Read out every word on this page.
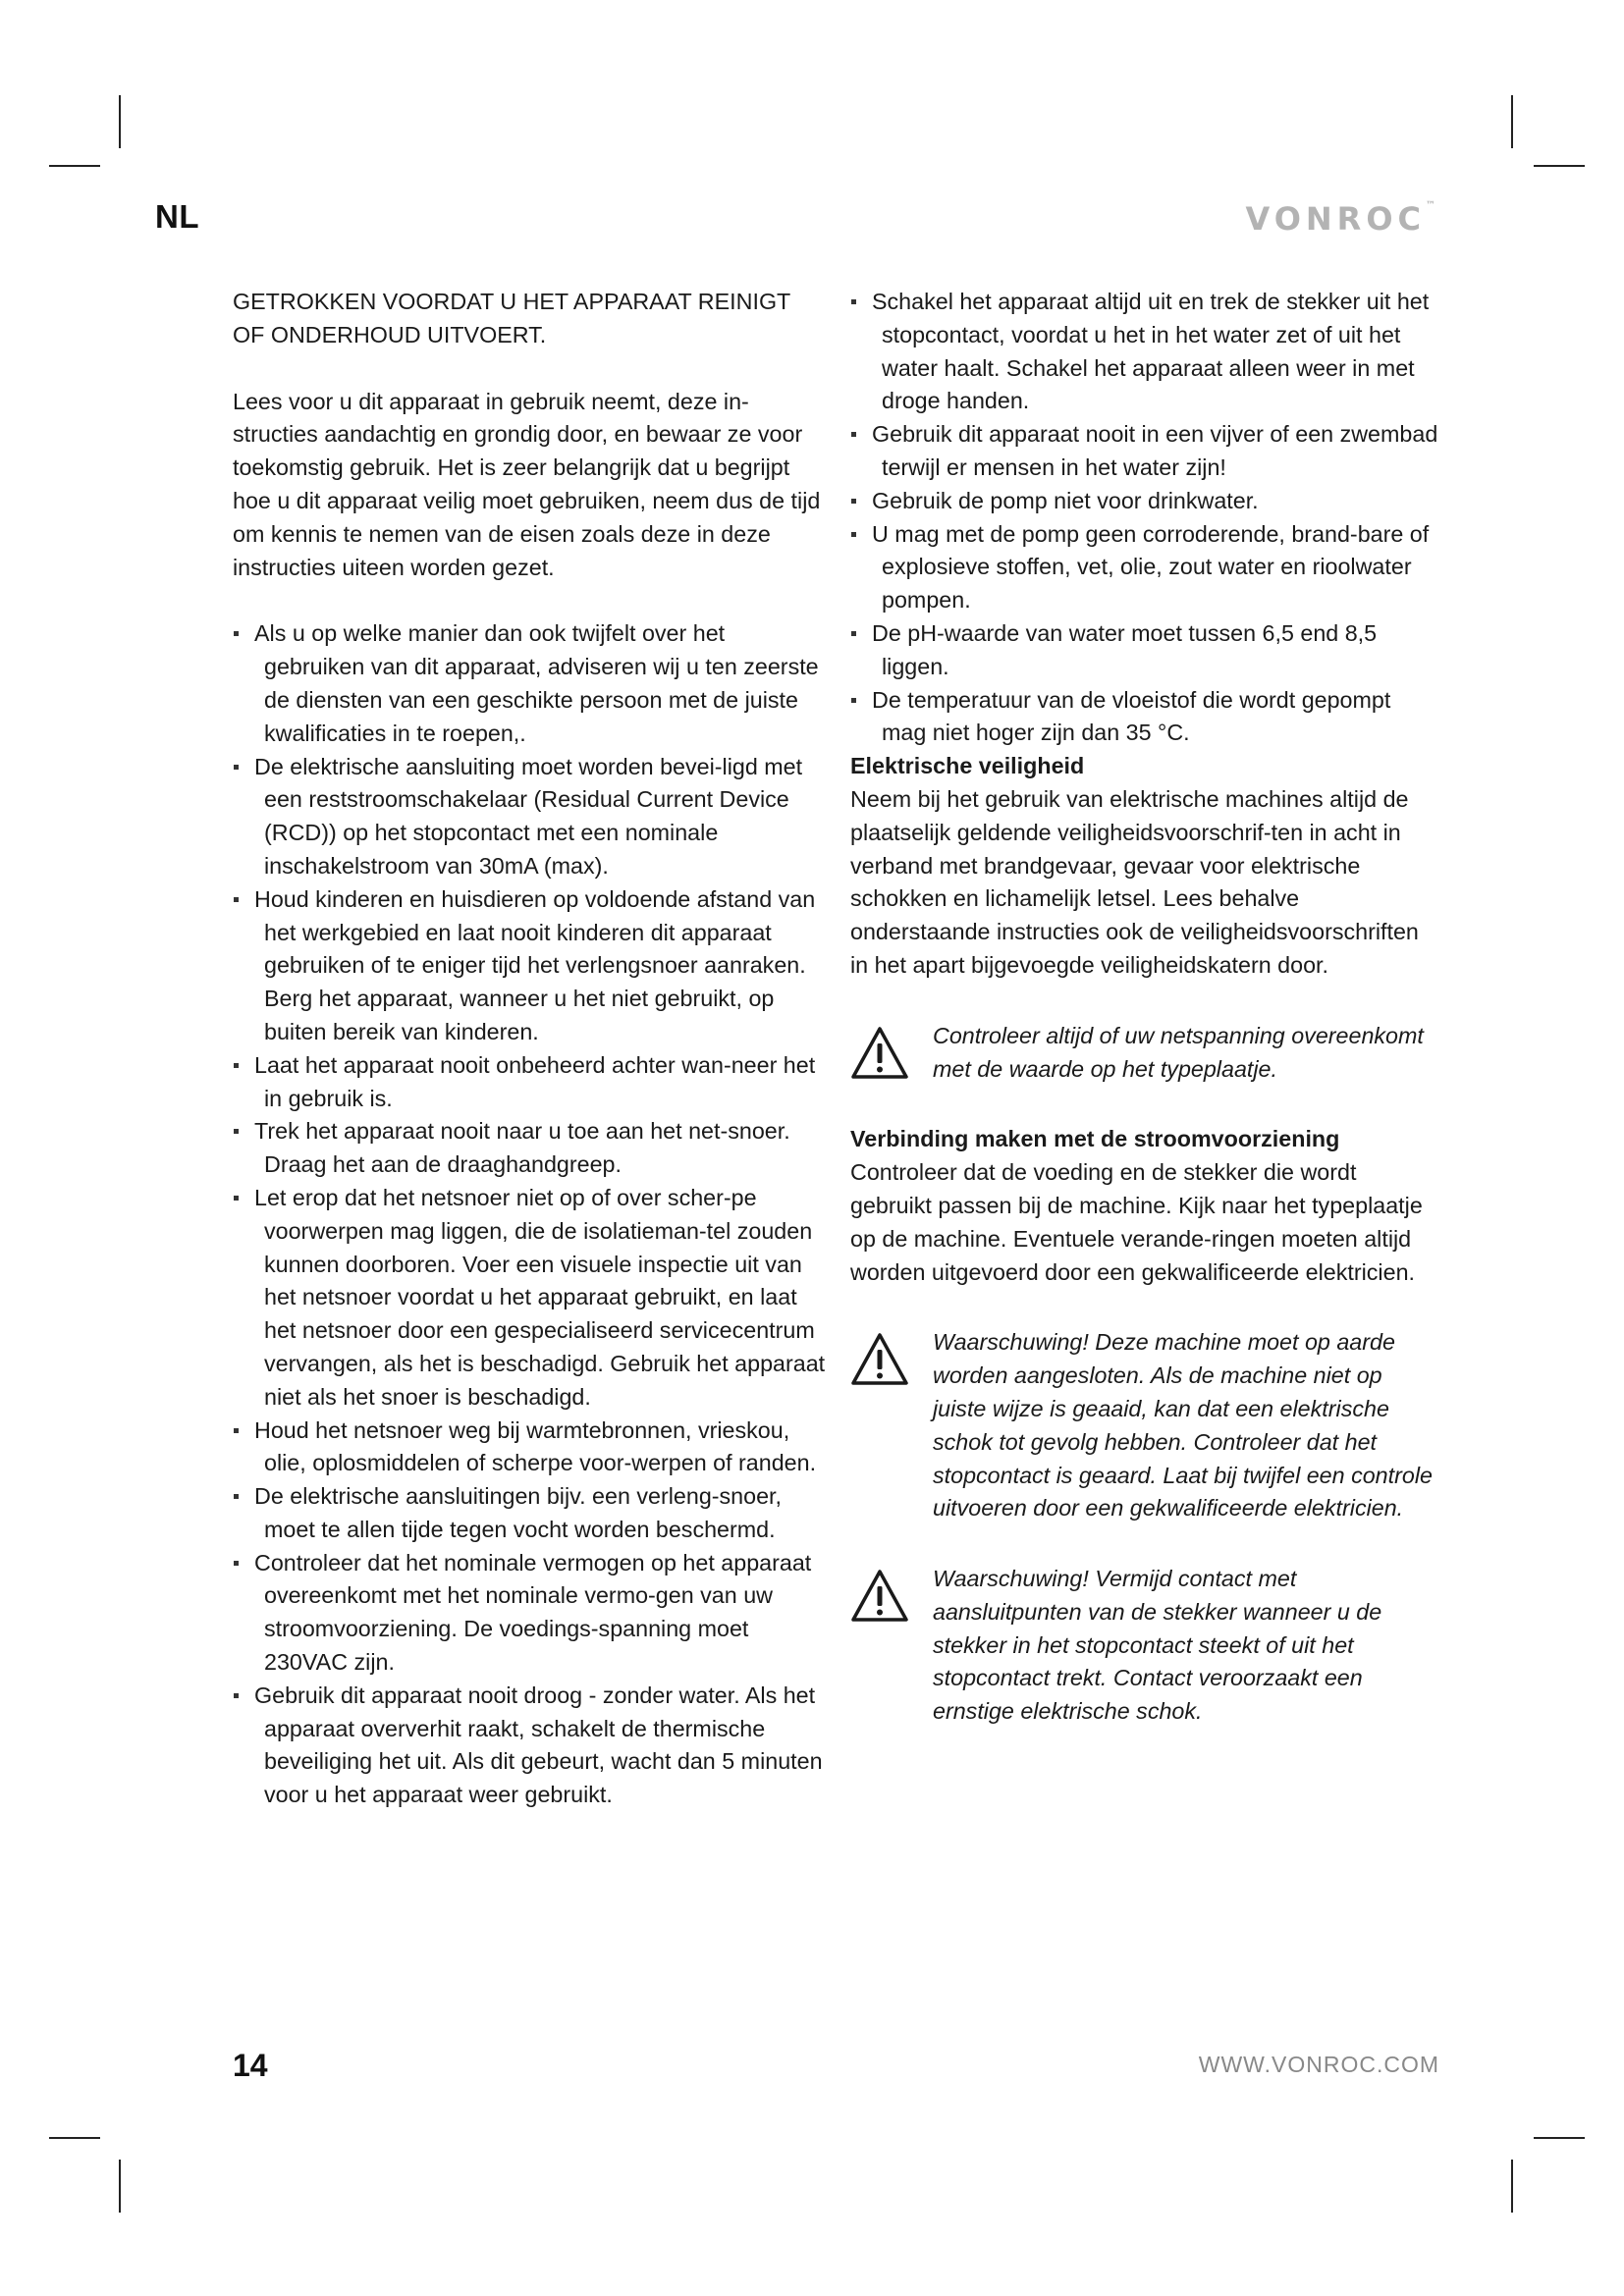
NL	VONROC™

GETROKKEN VOORDAT U HET APPARAAT REINIGT OF ONDERHOUD UITVOERT.

Lees voor u dit apparaat in gebruik neemt, deze in-structies aandachtig en grondig door, en bewaar ze voor toekomstig gebruik. Het is zeer belangrijk dat u begrijpt hoe u dit apparaat veilig moet gebruiken, neem dus de tijd om kennis te nemen van de eisen zoals deze in deze instructies uiteen worden gezet.

Als u op welke manier dan ook twijfelt over het gebruiken van dit apparaat, adviseren wij u ten zeerste de diensten van een geschikte persoon met de juiste kwalificaties in te roepen,.
De elektrische aansluiting moet worden bevei-ligd met een reststroomschakelaar (Residual Current Device (RCD)) op het stopcontact met een nominale inschakelstroom van 30mA (max).
Houd kinderen en huisdieren op voldoende afstand van het werkgebied en laat nooit kinderen dit apparaat gebruiken of te eniger tijd het verlengsnoer aanraken. Berg het apparaat, wanneer u het niet gebruikt, op buiten bereik van kinderen.
Laat het apparaat nooit onbeheerd achter wan-neer het in gebruik is.
Trek het apparaat nooit naar u toe aan het net-snoer. Draag het aan de draaghandgreep.
Let erop dat het netsnoer niet op of over scher-pe voorwerpen mag liggen, die de isolatieman-tel zouden kunnen doorboren. Voer een visuele inspectie uit van het netsnoer voordat u het apparaat gebruikt, en laat het netsnoer door een gespecialiseerd servicecentrum vervangen, als het is beschadigd. Gebruik het apparaat niet als het snoer is beschadigd.
Houd het netsnoer weg bij warmtebronnen, vrieskou, olie, oplosmiddelen of scherpe voor-werpen of randen.
De elektrische aansluitingen bijv. een verleng-snoer, moet te allen tijde tegen vocht worden beschermd.
Controleer dat het nominale vermogen op het apparaat overeenkomt met het nominale vermo-gen van uw stroomvoorziening. De voedings-spanning moet 230VAC zijn.
Gebruik dit apparaat nooit droog - zonder water. Als het apparaat oververhit raakt, schakelt de thermische beveiliging het uit. Als dit gebeurt, wacht dan 5 minuten voor u het apparaat weer gebruikt.
Schakel het apparaat altijd uit en trek de stekker uit het stopcontact, voordat u het in het water zet of uit het water haalt. Schakel het apparaat alleen weer in met droge handen.
Gebruik dit apparaat nooit in een vijver of een zwembad terwijl er mensen in het water zijn!
Gebruik de pomp niet voor drinkwater.
U mag met de pomp geen corroderende, brand-bare of explosieve stoffen, vet, olie, zout water en rioolwater pompen.
De pH-waarde van water moet tussen 6,5 end 8,5 liggen.
De temperatuur van de vloeistof die wordt gepompt mag niet hoger zijn dan 35 °C.

Elektrische veiligheid

Neem bij het gebruik van elektrische machines altijd de plaatselijk geldende veiligheidsvoorschrif-ten in acht in verband met brandgevaar, gevaar voor elektrische schokken en lichamelijk letsel. Lees behalve onderstaande instructies ook de veiligheidsvoorschriften in het apart bijgevoegde veiligheidskatern door.

Controleer altijd of uw netspanning overeenkomt met de waarde op het typeplaatje.

Verbinding maken met de stroomvoorziening

Controleer dat de voeding en de stekker die wordt gebruikt passen bij de machine. Kijk naar het typeplaatje op de machine. Eventuele verande-ringen moeten altijd worden uitgevoerd door een gekwalificeerde elektricien.

Waarschuwing! Deze machine moet op aarde worden aangesloten. Als de machine niet op juiste wijze is geaaid, kan dat een elektrische schok tot gevolg hebben. Controleer dat het stopcontact is geaard. Laat bij twijfel een controle uitvoeren door een gekwalificeerde elektricien.
Waarschuwing! Vermijd contact met aansluitpunten van de stekker wanneer u de stekker in het stopcontact steekt of uit het stopcontact trekt. Contact veroorzaakt een ernstige elektrische schok.
14	WWW.VONROC.COM
